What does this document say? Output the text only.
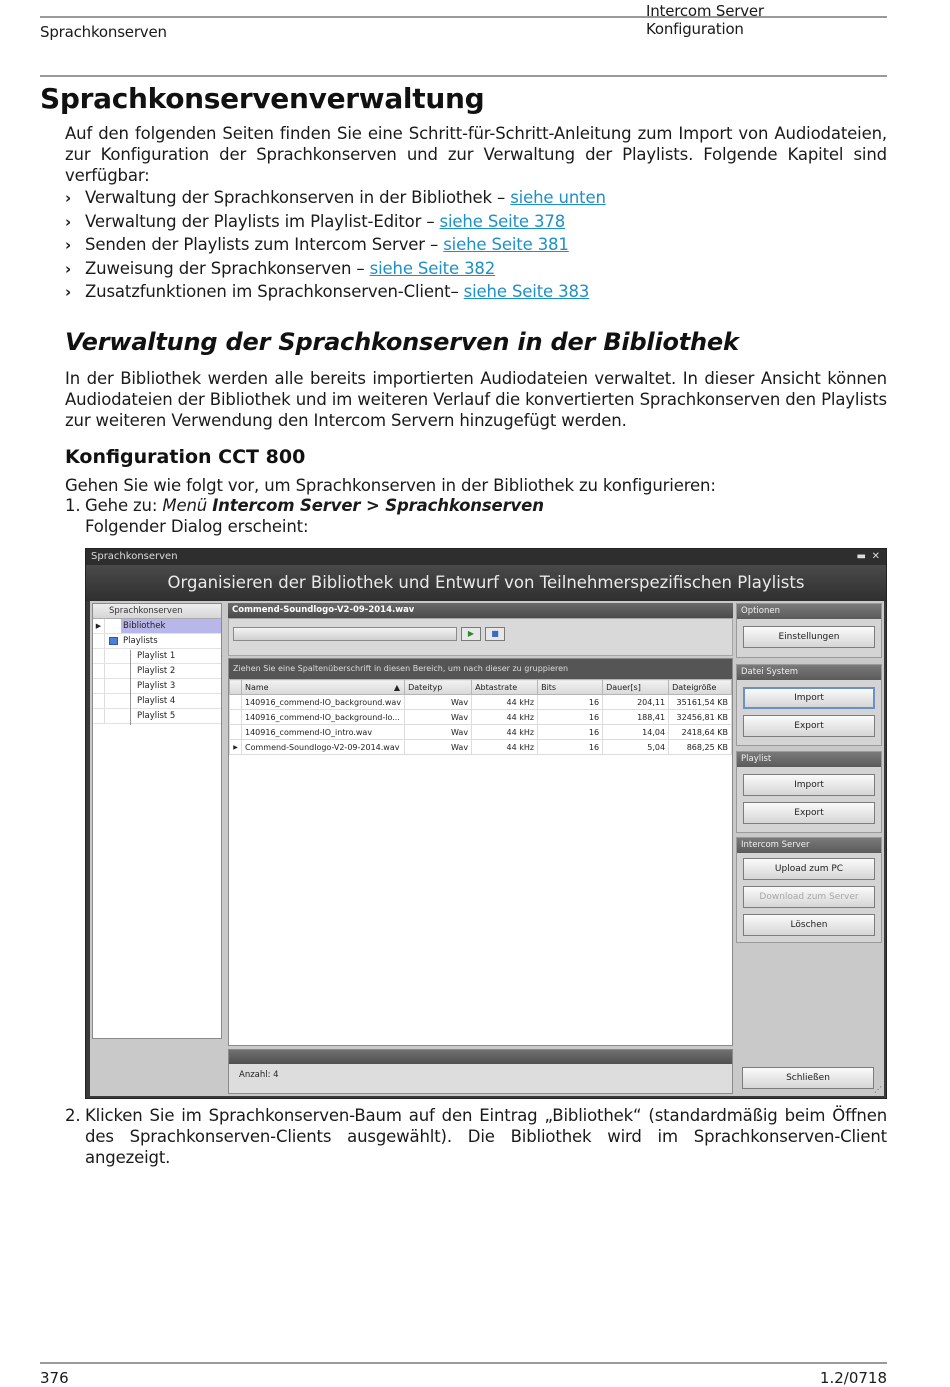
Sprachkonserven
Intercom Server Konfiguration
Sprachkonservenverwaltung
Auf den folgenden Seiten finden Sie eine Schritt-für-Schritt-Anleitung zum Import von Audiodateien, zur Konfiguration der Sprachkonserven und zur Verwaltung der Playlists. Folgende Kapitel sind verfügbar:
› Verwaltung der Sprachkonserven in der Bibliothek – siehe unten
› Verwaltung der Playlists im Playlist-Editor – siehe Seite 378
› Senden der Playlists zum Intercom Server – siehe Seite 381
› Zuweisung der Sprachkonserven – siehe Seite 382
› Zusatzfunktionen im Sprachkonserven-Client– siehe Seite 383
Verwaltung der Sprachkonserven in der Bibliothek
In der Bibliothek werden alle bereits importierten Audiodateien verwaltet. In dieser Ansicht können Audiodateien der Bibliothek und im weiteren Verlauf die konvertierten Sprachkonserven den Playlists zur weiteren Verwendung den Intercom Servern hinzugefügt werden.
Konfiguration CCT 800
Gehen Sie wie folgt vor, um Sprachkonserven in der Bibliothek zu konfigurieren:
1. Gehe zu: Menü Intercom Server > Sprachkonserven
Folgender Dialog erscheint:
Sprachkonserven	▬ ✕
Organisieren der Bibliothek und Entwurf von Teilnehmerspezifischen Playlists
Sprachkonserven
▶	Bibliothek
Playlists
Playlist 1
Playlist 2
Playlist 3
Playlist 4
Playlist 5
Commend-Soundlogo-V2-09-2014.wav
▶	■
Ziehen Sie eine Spaltenüberschrift in diesen Bereich, um nach dieser zu gruppieren
	Name ▲	Dateityp	Abtastrate	Bits	Dauer[s]	Dateigröße
	140916_commend-IO_background.wav	Wav	44 kHz	16	204,11	35161,54 KB
	140916_commend-IO_background-lo...	Wav	44 kHz	16	188,41	32456,81 KB
	140916_commend-IO_intro.wav	Wav	44 kHz	16	14,04	2418,64 KB
▶	Commend-Soundlogo-V2-09-2014.wav	Wav	44 kHz	16	5,04	868,25 KB
Anzahl: 4
Optionen
Einstellungen
Datei System
Import
Export
Playlist
Import
Export
Intercom Server
Upload zum PC
Download zum Server
Löschen
Schließen
⋰
2. Klicken Sie im Sprachkonserven-Baum auf den Eintrag „Bibliothek“ (standardmäßig beim Öffnen des Sprachkonserven-Clients ausgewählt). Die Bibliothek wird im Sprachkonserven-Client angezeigt.
376	1.2/0718
